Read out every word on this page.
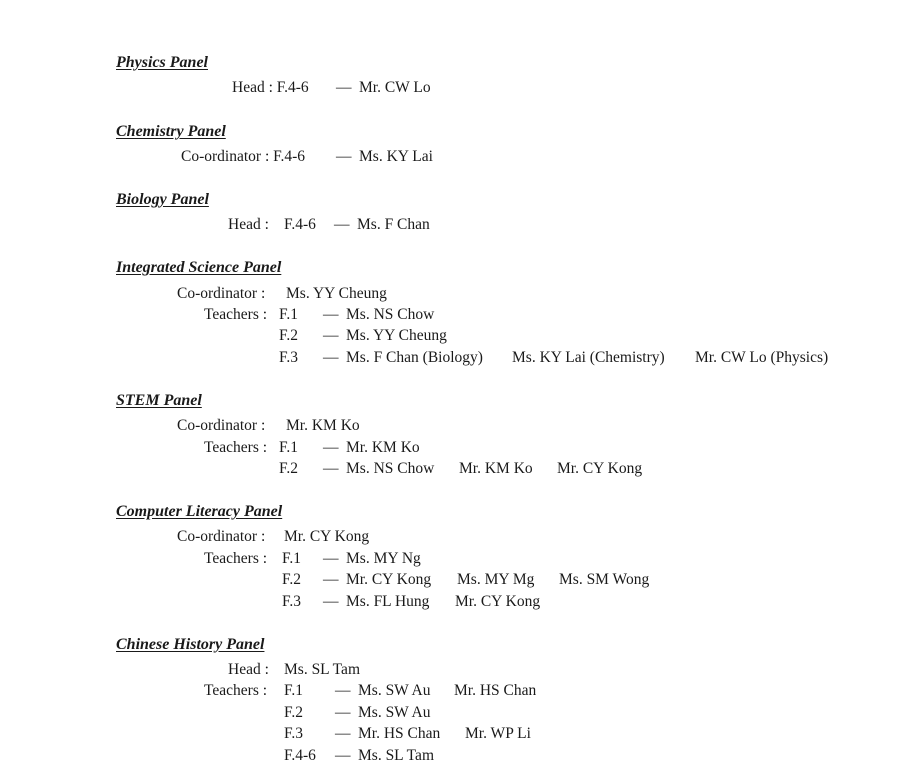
Physics Panel
Head : F.4-6 — Mr. CW Lo
Chemistry Panel
Co-ordinator : F.4-6 — Ms. KY Lai
Biology Panel
Head : F.4-6 — Ms. F Chan
Integrated Science Panel
Co-ordinator : Ms. YY Cheung
Teachers : F.1 — Ms. NS Chow
F.2 — Ms. YY Cheung
F.3 — Ms. F Chan (Biology) Ms. KY Lai (Chemistry) Mr. CW Lo (Physics)
STEM Panel
Co-ordinator : Mr. KM Ko
Teachers : F.1 — Mr. KM Ko
F.2 — Ms. NS Chow Mr. KM Ko Mr. CY Kong
Computer Literacy Panel
Co-ordinator : Mr. CY Kong
Teachers : F.1 — Ms. MY Ng
F.2 — Mr. CY Kong Ms. MY Mg Ms. SM Wong
F.3 — Ms. FL Hung Mr. CY Kong
Chinese History Panel
Head : Ms. SL Tam
Teachers : F.1 — Ms. SW Au Mr. HS Chan
F.2 — Ms. SW Au
F.3 — Mr. HS Chan Mr. WP Li
F.4-6 — Ms. SL Tam
